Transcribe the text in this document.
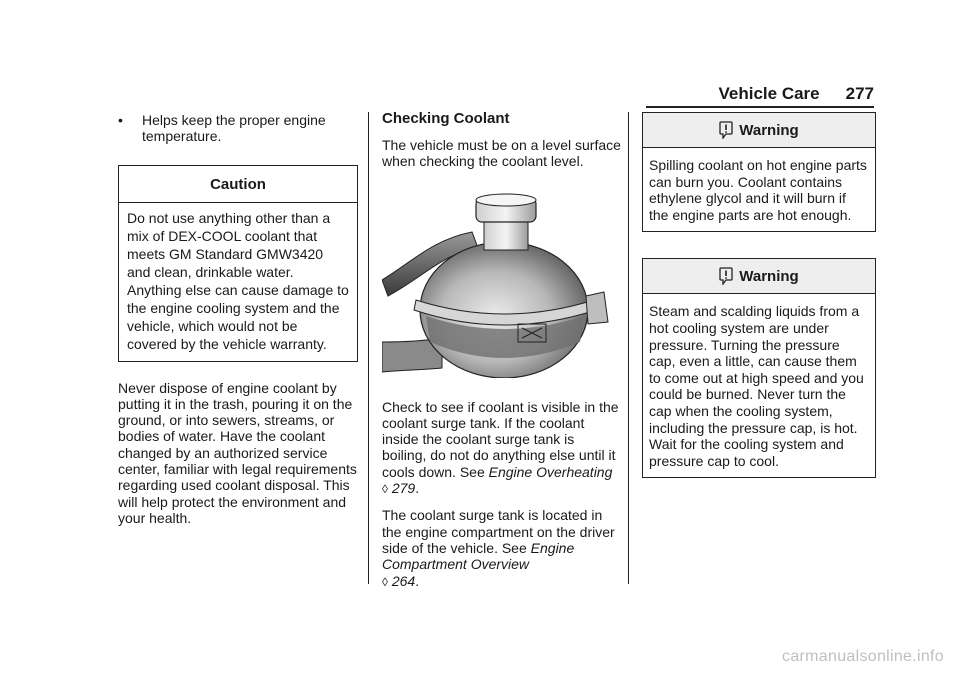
Vehicle Care 277
•	Helps keep the proper engine temperature.
Caution
Do not use anything other than a mix of DEX-COOL coolant that meets GM Standard GMW3420 and clean, drinkable water. Anything else can cause damage to the engine cooling system and the vehicle, which would not be covered by the vehicle warranty.

Never dispose of engine coolant by putting it in the trash, pouring it on the ground, or into sewers, streams, or bodies of water. Have the coolant changed by an authorized service center, familiar with legal requirements regarding used coolant disposal. This will help protect the environment and your health.

Checking Coolant

The vehicle must be on a level surface when checking the coolant level.

Check to see if coolant is visible in the coolant surge tank. If the coolant inside the coolant surge tank is boiling, do not do anything else until it cools down. See Engine Overheating ◊ 279.

The coolant surge tank is located in the engine compartment on the driver side of the vehicle. See Engine Compartment Overview
◊ 264.

Warning
Spilling coolant on hot engine parts can burn you. Coolant contains ethylene glycol and it will burn if the engine parts are hot enough.
Warning
Steam and scalding liquids from a hot cooling system are under pressure. Turning the pressure cap, even a little, can cause them to come out at high speed and you could be burned. Never turn the cap when the cooling system, including the pressure cap, is hot. Wait for the cooling system and pressure cap to cool.
carmanualsonline.info
